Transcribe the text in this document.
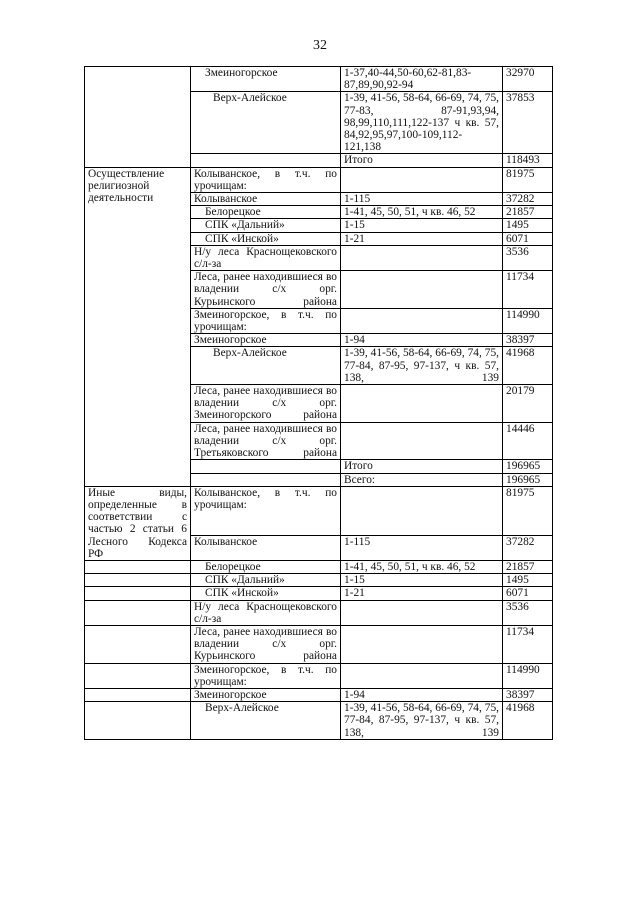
32
	Змеиногорское	1-37,40-44,50-60,62-81,83-87,89,90,92-94	32970
	Верх-Алейское	1-39, 41-56, 58-64, 66-69, 74, 75, 77-83, 87-91,93,94, 98,99,110,111,122-137 ч кв. 57, 84,92,95,97,100-109,112-121,138	37853
		Итого	118493
Осуществление религиозной деятельности	Колыванское, в т.ч. по урочищам:		81975
	Колыванское	1-115	37282
	Белорецкое	1-41, 45, 50, 51, ч кв. 46, 52	21857
	СПК «Дальний»	1-15	1495
	СПК «Инской»	1-21	6071
	Н/у леса Краснощековского с/л-за		3536
	Леса, ранее находившиеся во владении с/х орг. Курьинского района		11734
	Змеиногорское, в т.ч. по урочищам:		114990
	Змеиногорское	1-94	38397
	Верх-Алейское	1-39, 41-56, 58-64, 66-69, 74, 75, 77-84, 87-95, 97-137, ч кв. 57, 138, 139	41968
	Леса, ранее находившиеся во владении с/х орг. Змеиногорского района		20179
	Леса, ранее находившиеся во владении с/х орг. Третьяковского района		14446
		Итого	196965
		Всего:	196965
Иные виды, определенные в соответствии с частью 2 статьи 6 Лесного Кодекса РФ	Колыванское, в т.ч. по урочищам:		81975
	Колыванское	1-115	37282
	Белорецкое	1-41, 45, 50, 51, ч кв. 46, 52	21857
	СПК «Дальний»	1-15	1495
	СПК «Инской»	1-21	6071
	Н/у леса Краснощековского с/л-за		3536
	Леса, ранее находившиеся во владении с/х орг. Курьинского района		11734
	Змеиногорское, в т.ч. по урочищам:		114990
	Змеиногорское	1-94	38397
	Верх-Алейское	1-39, 41-56, 58-64, 66-69, 74, 75, 77-84, 87-95, 97-137, ч кв. 57, 138, 139	41968
